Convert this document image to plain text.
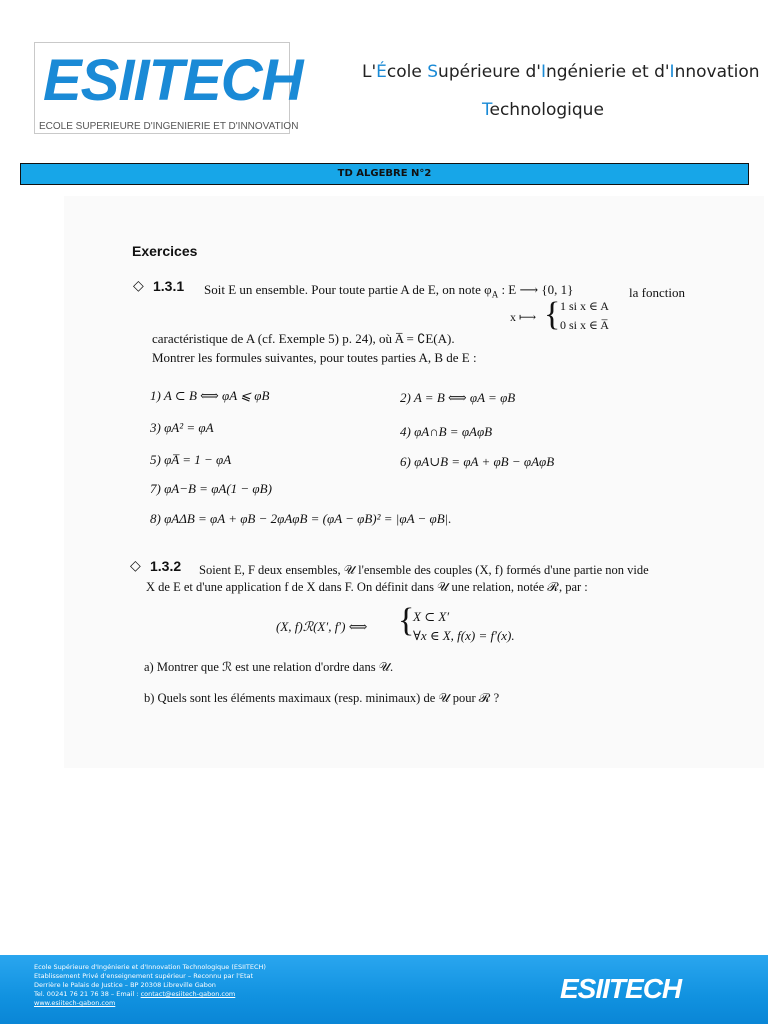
ESIITECH
ECOLE SUPERIEURE D'INGENIERIE ET D'INNOVATION
L'École Supérieure d'Ingénierie et d'Innovation
Technologique
TD ALGEBRE N°2
Exercices
◇ 1.3.1 Soit E un ensemble. Pour toute partie A de E, on note $\varphi_A$ : E ⟶ {0, 1}	la fonction
x ⟼ { 1 si x ∈ A
0 si x ∈ A̅
caractéristique de A (cf. Exemple 5) p. 24), où A̅ = ∁E(A).
Montrer les formules suivantes, pour toutes parties A, B de E :
1) A ⊂ B ⟺ φA ⩽ φB	2) A = B ⟺ φA = φB
3) φA² = φA	4) φA∩B = φAφB
5) φA̅ = 1 − φA	6) φA∪B = φA + φB − φAφB
7) φA−B = φA(1 − φB)
8) φAΔB = φA + φB − 2φAφB = (φA − φB)² = |φA − φB|.
◇ 1.3.2 Soient E, F deux ensembles, 𝒰 l'ensemble des couples (X, f) formés d'une partie non vide
X de E et d'une application f de X dans F. On définit dans 𝒰 une relation, notée ℛ, par :
(X, f)ℛ(X′, f′) ⟺ {
X ⊂ X′
∀x ∈ X, f(x) = f′(x).
a) Montrer que ℛ est une relation d'ordre dans 𝒰.
b) Quels sont les éléments maximaux (resp. minimaux) de 𝒰 pour ℛ ?
Ecole Supérieure d'Ingénierie et d'Innovation Technologique (ESIITECH)
Etablissement Privé d'enseignement supérieur – Reconnu par l'Etat
Derrière le Palais de Justice – BP 20308 Libreville Gabon
Tel. 00241 76 21 76 38 – Email : contact@esiitech-gabon.com
www.esiitech-gabon.com	ESIITECH
